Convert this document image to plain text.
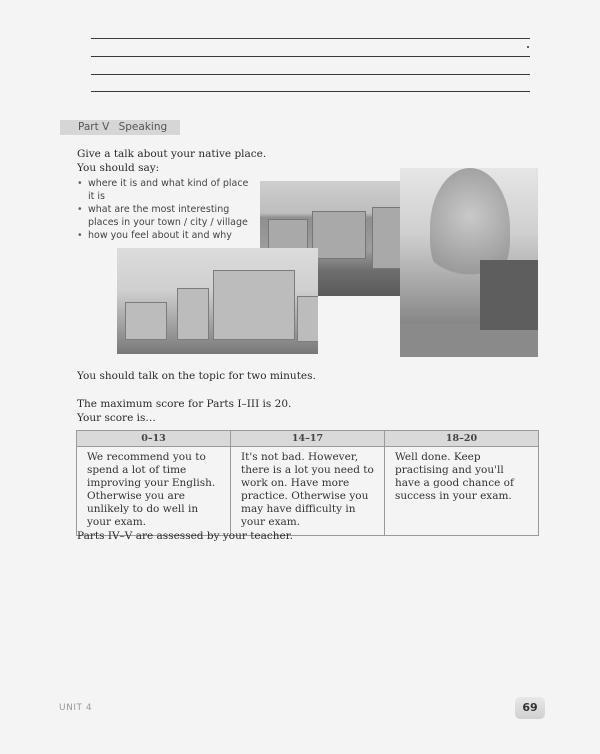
Part V Speaking
Give a talk about your native place.
You should say:
• where it is and what kind of place it is
• what are the most interesting places in your town / city / village
• how you feel about it and why
You should talk on the topic for two minutes.
The maximum score for Parts I–III is 20.
Your score is…
0–13	14–17	18–20
We recommend you to spend a lot of time improving your English. Otherwise you are unlikely to do well in your exam.	It's not bad. However, there is a lot you need to work on. Have more practice. Otherwise you may have difficulty in your exam.	Well done. Keep practising and you'll have a good chance of success in your exam.
Parts IV–V are assessed by your teacher.
UNIT 4	69
